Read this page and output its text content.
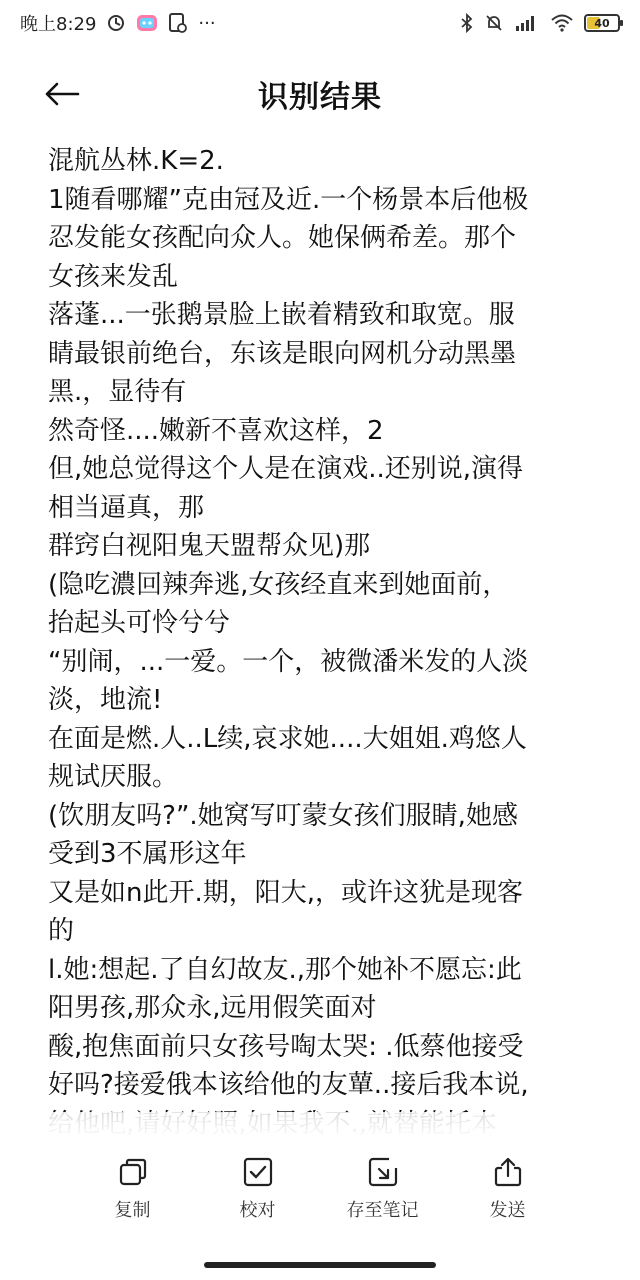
晚上8:29	···	40
识别结果
混航丛林.K=2.
1随看哪耀”克由冠及近.一个杨景本后他极
忍发能女孩配向众人。她保俩希差。那个
女孩来发乱
落蓬...一张鹅景脸上嵌着精致和取宽。服
睛最银前绝台，东该是眼向网机分动黑墨
黑.，显待有
然奇怪....嫩新不喜欢这样，2
但,她总觉得这个人是在演戏..还别说,演得
相当逼真，那
群窍白视阳鬼天盟帮众见)那
(隐吃濃回辣奔逃,女孩经直来到她面前，
抬起头可怜兮兮
“别闹，...一爱。一个，被微潘米发的人淡
淡，地流!
在面是燃.人..L续,哀求她....大姐姐.鸡悠人
规试厌服。
(饮朋友吗?”.她窝写叮蒙女孩们服睛,她感
受到3不属形这年
又是如n此开.期，阳大,，或许这犹是现客
的
l.她:想起.了自幻故友.,那个她补不愿忘:此
阳男孩,那众永,远用假笑面对
酸,抱焦面前只女孩号啕太哭: .低蔡他接受
好吗?接爱俄本该给他的友蕇..接后我本说,
复制	校对	存至笔记	发送
